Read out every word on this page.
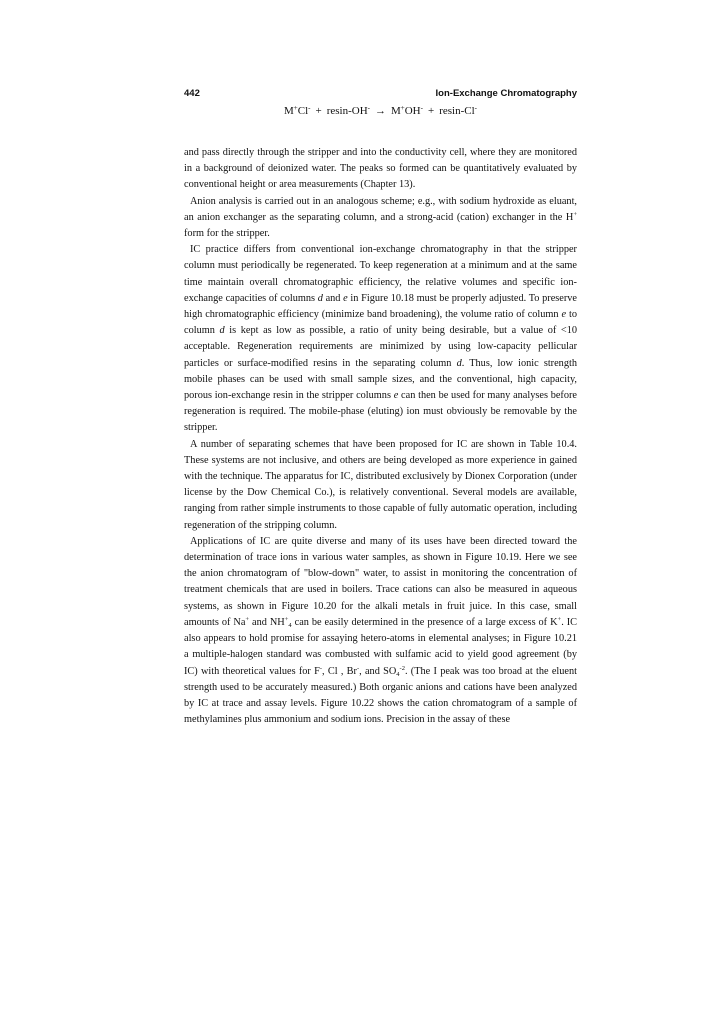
442	Ion-Exchange Chromatography
M+Cl- + resin-OH- → M+OH- + resin-Cl-

and pass directly through the stripper and into the conductivity cell, where they are monitored in a background of deionized water. The peaks so formed can be quantitatively evaluated by conventional height or area measurements (Chapter 13).

Anion analysis is carried out in an analogous scheme; e.g., with sodium hydroxide as eluant, an anion exchanger as the separating column, and a strong-acid (cation) exchanger in the H+ form for the stripper.

IC practice differs from conventional ion-exchange chromatography in that the stripper column must periodically be regenerated. To keep regeneration at a minimum and at the same time maintain overall chromatographic efficiency, the relative volumes and specific ion-exchange capacities of columns d and e in Figure 10.18 must be properly adjusted. To preserve high chromatographic efficiency (minimize band broadening), the volume ratio of column e to column d is kept as low as possible, a ratio of unity being desirable, but a value of <10 acceptable. Regeneration requirements are minimized by using low-capacity pellicular particles or surface-modified resins in the separating column d. Thus, low ionic strength mobile phases can be used with small sample sizes, and the conventional, high capacity, porous ion-exchange resin in the stripper columns e can then be used for many analyses before regeneration is required. The mobile-phase (eluting) ion must obviously be removable by the stripper.

A number of separating schemes that have been proposed for IC are shown in Table 10.4. These systems are not inclusive, and others are being developed as more experience in gained with the technique. The apparatus for IC, distributed exclusively by Dionex Corporation (under license by the Dow Chemical Co.), is relatively conventional. Several models are available, ranging from rather simple instruments to those capable of fully automatic operation, including regeneration of the stripping column.

Applications of IC are quite diverse and many of its uses have been directed toward the determination of trace ions in various water samples, as shown in Figure 10.19. Here we see the anion chromatogram of "blow-down" water, to assist in monitoring the concentration of treatment chemicals that are used in boilers. Trace cations can also be measured in aqueous systems, as shown in Figure 10.20 for the alkali metals in fruit juice. In this case, small amounts of Na+ and $NH^+_4$ can be easily determined in the presence of a large excess of K+. IC also appears to hold promise for assaying hetero-atoms in elemental analyses; in Figure 10.21 a multiple-halogen standard was combusted with sulfamic acid to yield good agreement (by IC) with theoretical values for F-, Cl , Br-, and $SO_4^{-2}$. (The I peak was too broad at the eluent strength used to be accurately measured.) Both organic anions and cations have been analyzed by IC at trace and assay levels. Figure 10.22 shows the cation chromatogram of a sample of methylamines plus ammonium and sodium ions. Precision in the assay of these
